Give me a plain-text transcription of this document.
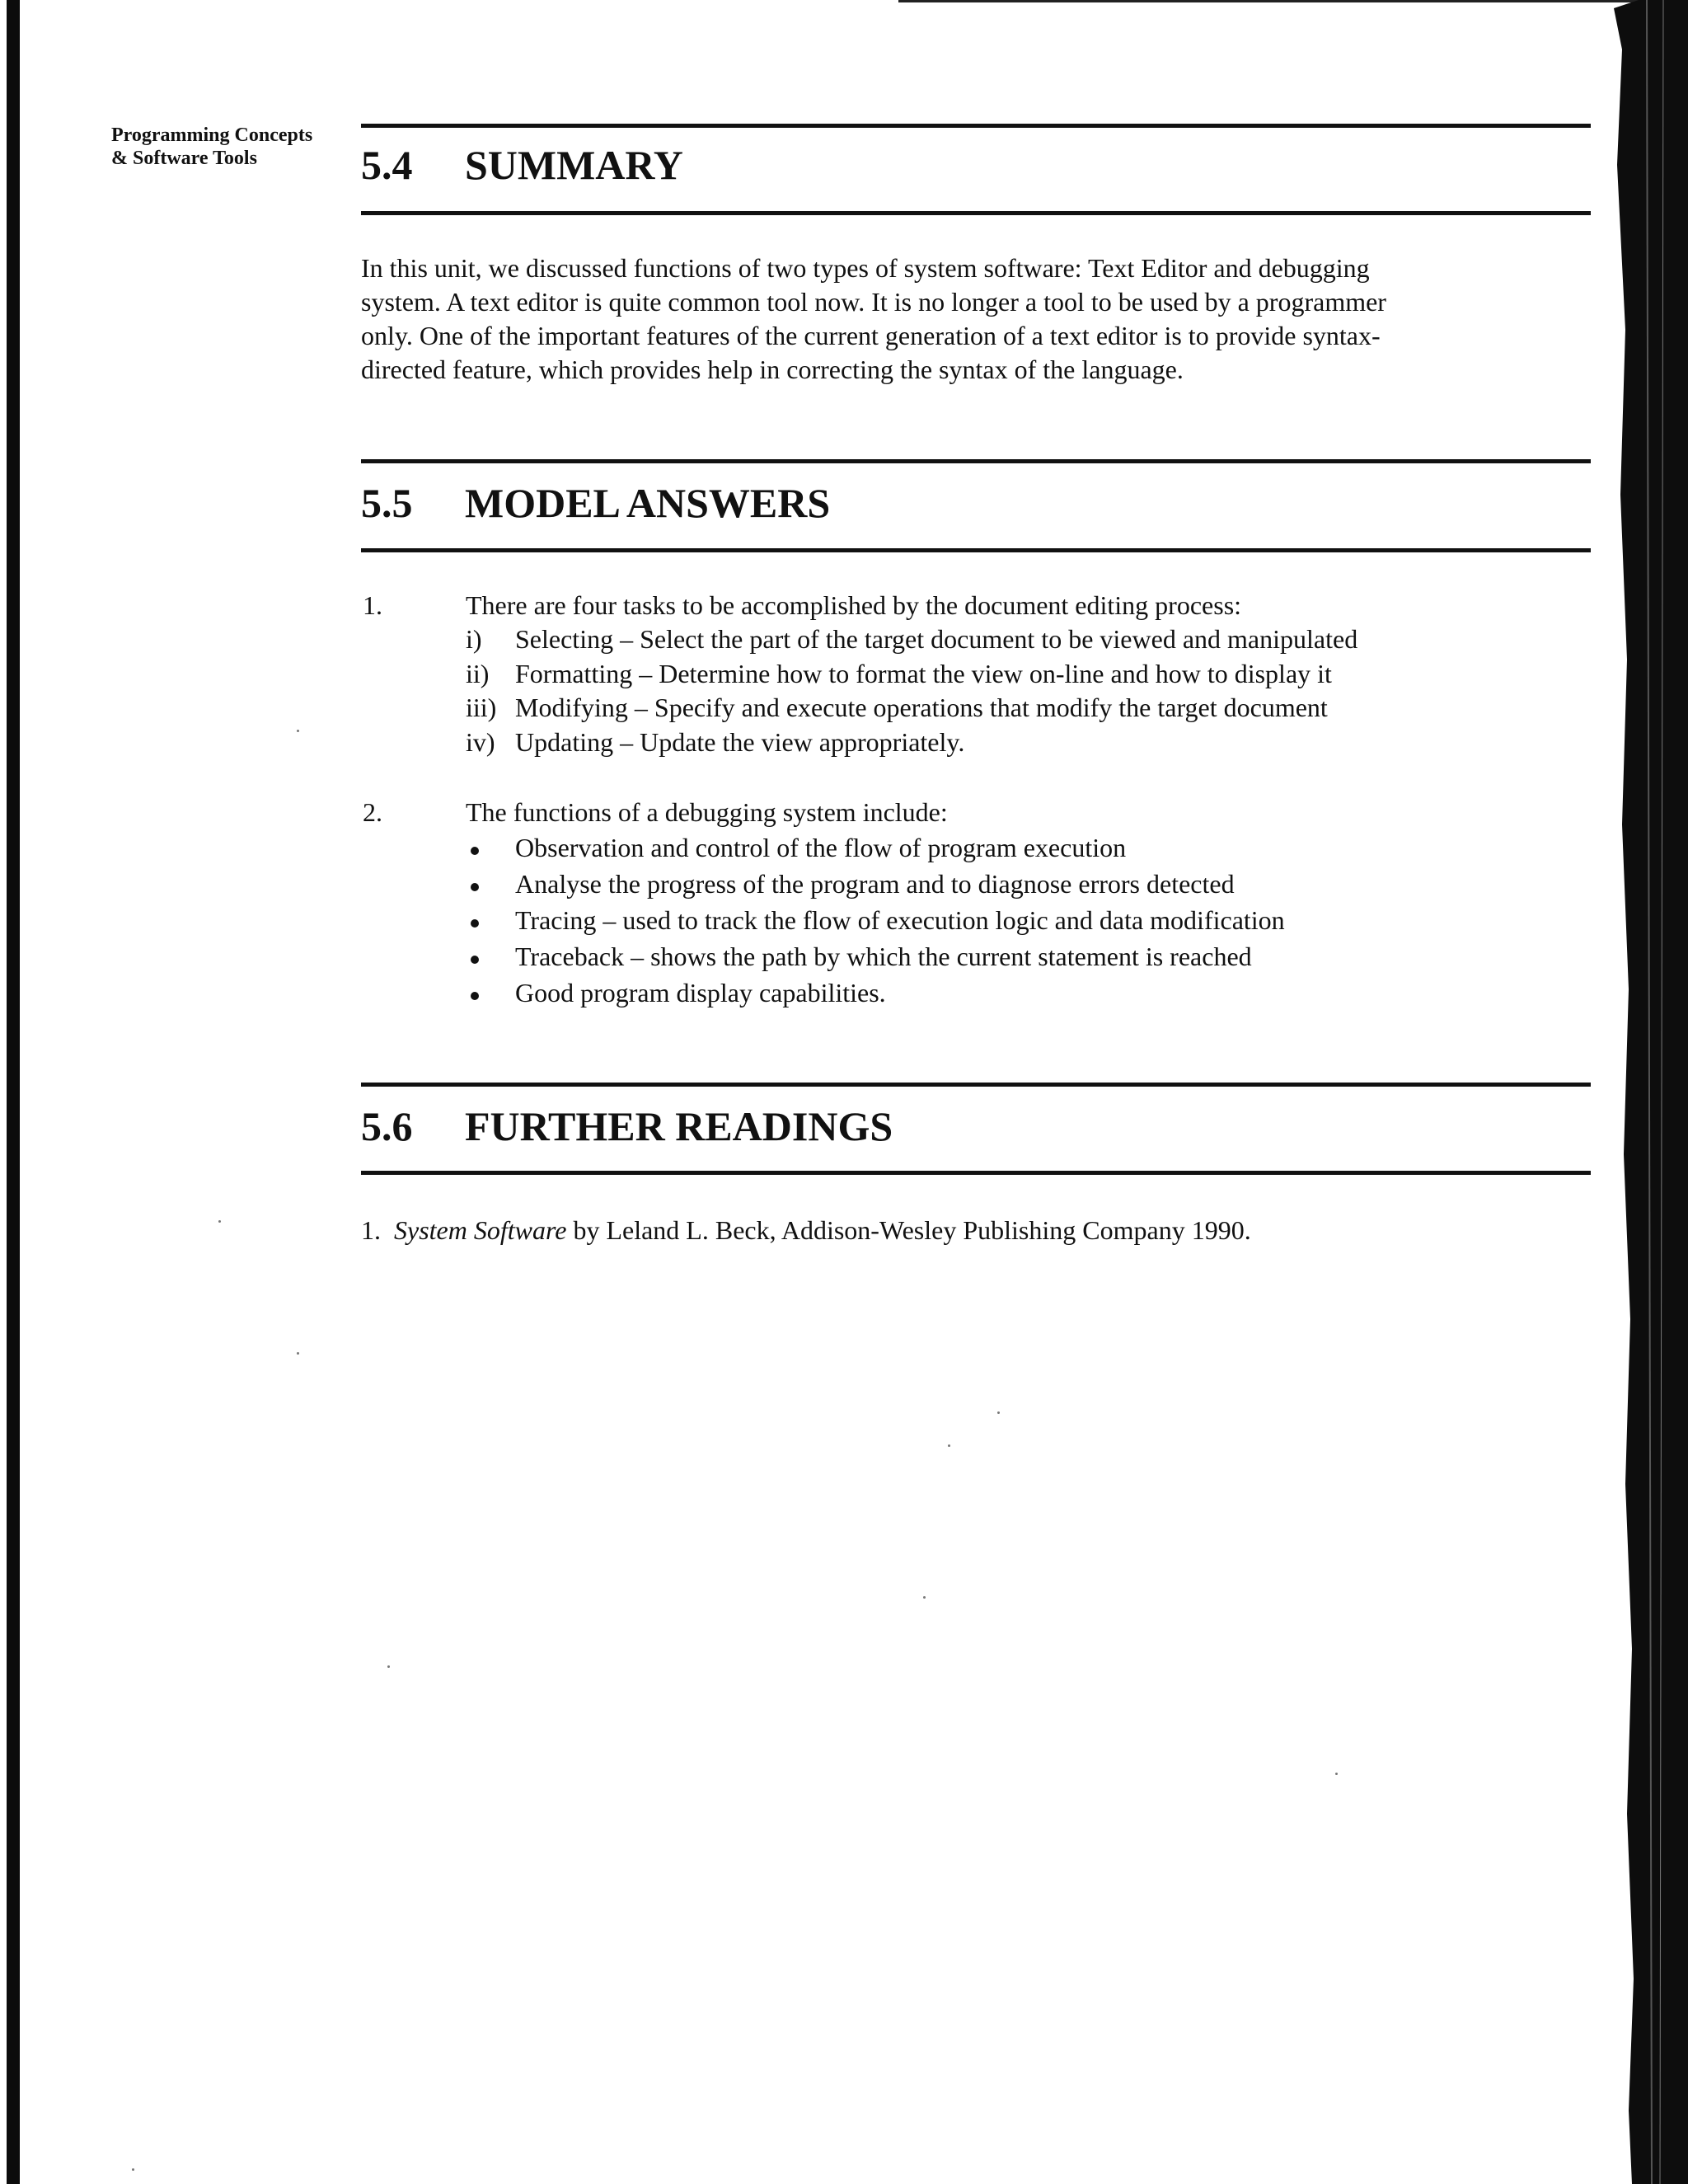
Programming Concepts
& Software Tools	5.4 SUMMARY
In this unit, we discussed functions of two types of system software: Text Editor and debugging
system. A text editor is quite common tool now. It is no longer a tool to be used by a programmer
only. One of the important features of the current generation of a text editor is to provide syntax-
directed feature, which provides help in correcting the syntax of the language.
5.5 MODEL ANSWERS
1.	There are four tasks to be accomplished by the document editing process:
i) Selecting – Select the part of the target document to be viewed and manipulated
ii) Formatting – Determine how to format the view on-line and how to display it
iii) Modifying – Specify and execute operations that modify the target document
iv) Updating – Update the view appropriately.
2.	The functions of a debugging system include:
Observation and control of the flow of program execution
Analyse the progress of the program and to diagnose errors detected
Tracing – used to track the flow of execution logic and data modification
Traceback – shows the path by which the current statement is reached
Good program display capabilities.
5.6 FURTHER READINGS
1. System Software by Leland L. Beck, Addison-Wesley Publishing Company 1990.
